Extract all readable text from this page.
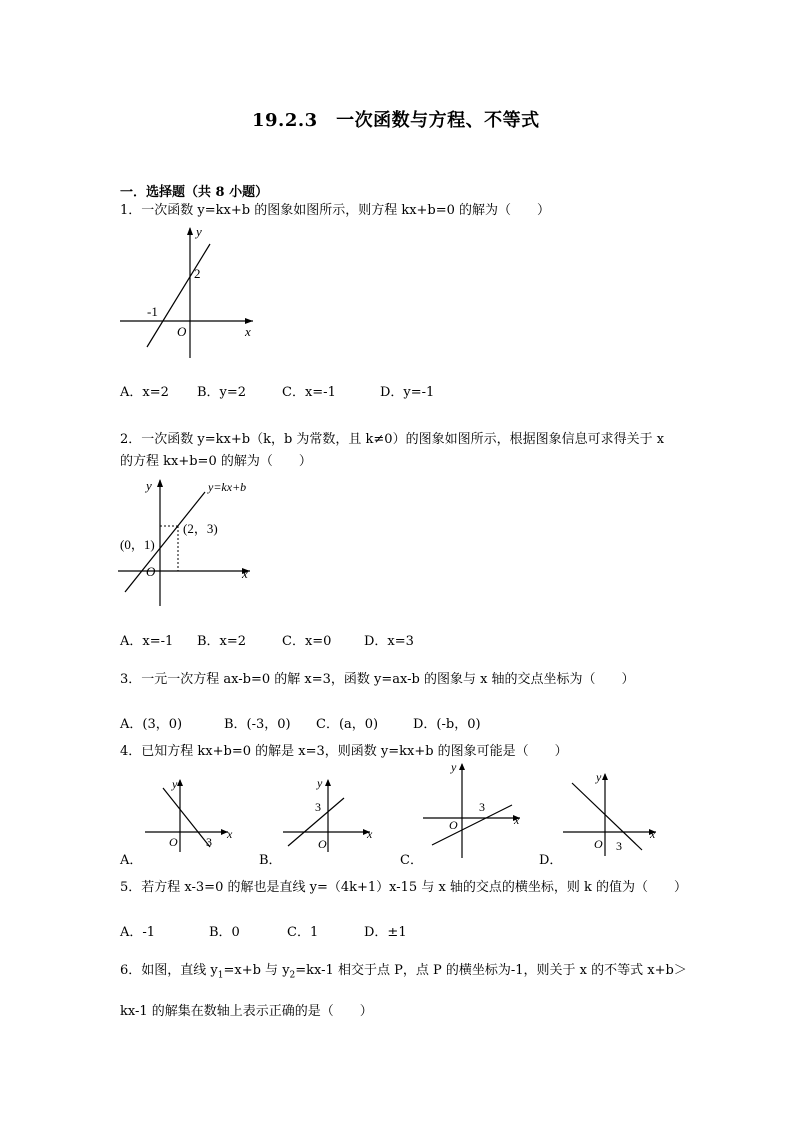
19.2.3　一次函数与方程、不等式
一．选择题（共 8 小题）
1．一次函数 y=kx+b 的图象如图所示，则方程 kx+b=0 的解为（　　）
y
x
O
2
-1
A．x=2 B．y=2	C．x=-1	D．y=-1
2．一次函数 y=kx+b（k，b 为常数，且 k≠0）的图象如图所示，根据图象信息可求得关于 x
的方程 kx+b=0 的解为（　　）
y
x
O
y=kx+b
(2，3)
(0，1)
A．x=-1 B．x=2	C．x=0	D．x=3
3．一元一次方程 ax-b=0 的解 x=3，函数 y=ax-b 的图象与 x 轴的交点坐标为（　　）
A．(3，0)	B．(-3，0) C．(a，0)	D．(-b，0)
4．已知方程 kx+b=0 的解是 x=3，则函数 y=kx+b 的图象可能是（　　）
y
x
O 3
y
x
O
3
y
x
O
3
y
x
O 3
A．	B．	C．	D．
5．若方程 x-3=0 的解也是直线 y=（4k+1）x-15 与 x 轴的交点的横坐标，则 k 的值为（　　）
A．-1	B．0	C．1	D．±1
6．如图，直线 $y_1=x+b$ 与 $y_2=kx-1$ 相交于点 P，点 P 的横坐标为-1，则关于 x 的不等式 x+b＞
kx-1 的解集在数轴上表示正确的是（　　）
